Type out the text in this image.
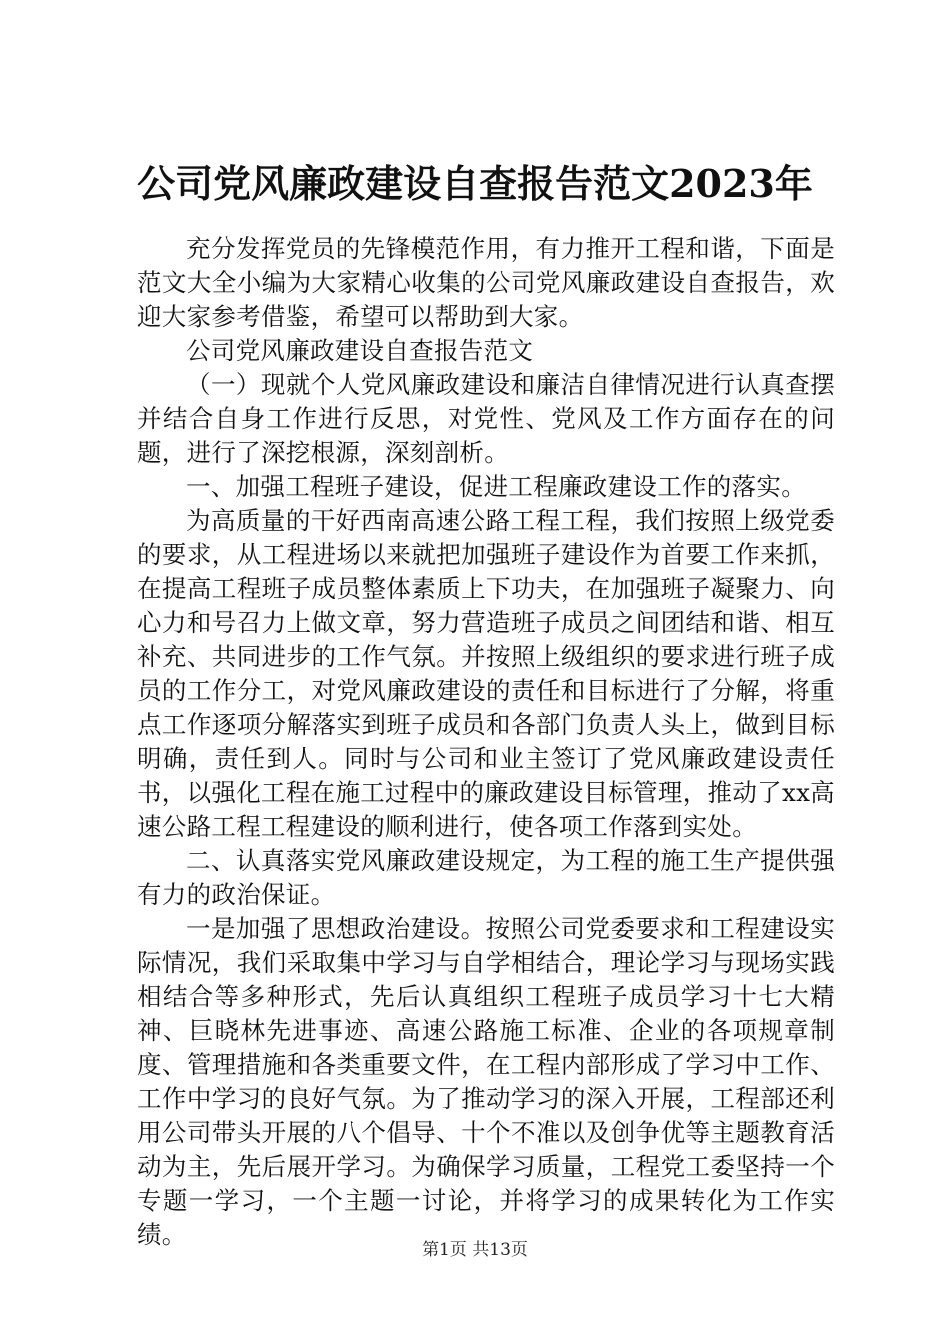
公司党风廉政建设自查报告范文2023年

充分发挥党员的先锋模范作用，有力推开工程和谐，下面是范文大全小编为大家精心收集的公司党风廉政建设自查报告，欢迎大家参考借鉴，希望可以帮助到大家。

公司党风廉政建设自查报告范文

（一）现就个人党风廉政建设和廉洁自律情况进行认真查摆并结合自身工作进行反思，对党性、党风及工作方面存在的问题，进行了深挖根源，深刻剖析。

一、加强工程班子建设，促进工程廉政建设工作的落实。

为高质量的干好西南高速公路工程工程，我们按照上级党委的要求，从工程进场以来就把加强班子建设作为首要工作来抓，在提高工程班子成员整体素质上下功夫，在加强班子凝聚力、向心力和号召力上做文章，努力营造班子成员之间团结和谐、相互补充、共同进步的工作气氛。并按照上级组织的要求进行班子成员的工作分工，对党风廉政建设的责任和目标进行了分解，将重点工作逐项分解落实到班子成员和各部门负责人头上，做到目标明确，责任到人。同时与公司和业主签订了党风廉政建设责任书，以强化工程在施工过程中的廉政建设目标管理，推动了xx高速公路工程工程建设的顺利进行，使各项工作落到实处。

二、认真落实党风廉政建设规定，为工程的施工生产提供强有力的政治保证。

一是加强了思想政治建设。按照公司党委要求和工程建设实际情况，我们采取集中学习与自学相结合，理论学习与现场实践相结合等多种形式，先后认真组织工程班子成员学习十七大精神、巨晓林先进事迹、高速公路施工标准、企业的各项规章制度、管理措施和各类重要文件，在工程内部形成了学习中工作、工作中学习的良好气氛。为了推动学习的深入开展，工程部还利用公司带头开展的八个倡导、十个不准以及创争优等主题教育活动为主，先后展开学习。为确保学习质量，工程党工委坚持一个专题一学习，一个主题一讨论，并将学习的成果转化为工作实绩。

第1页 共13页
